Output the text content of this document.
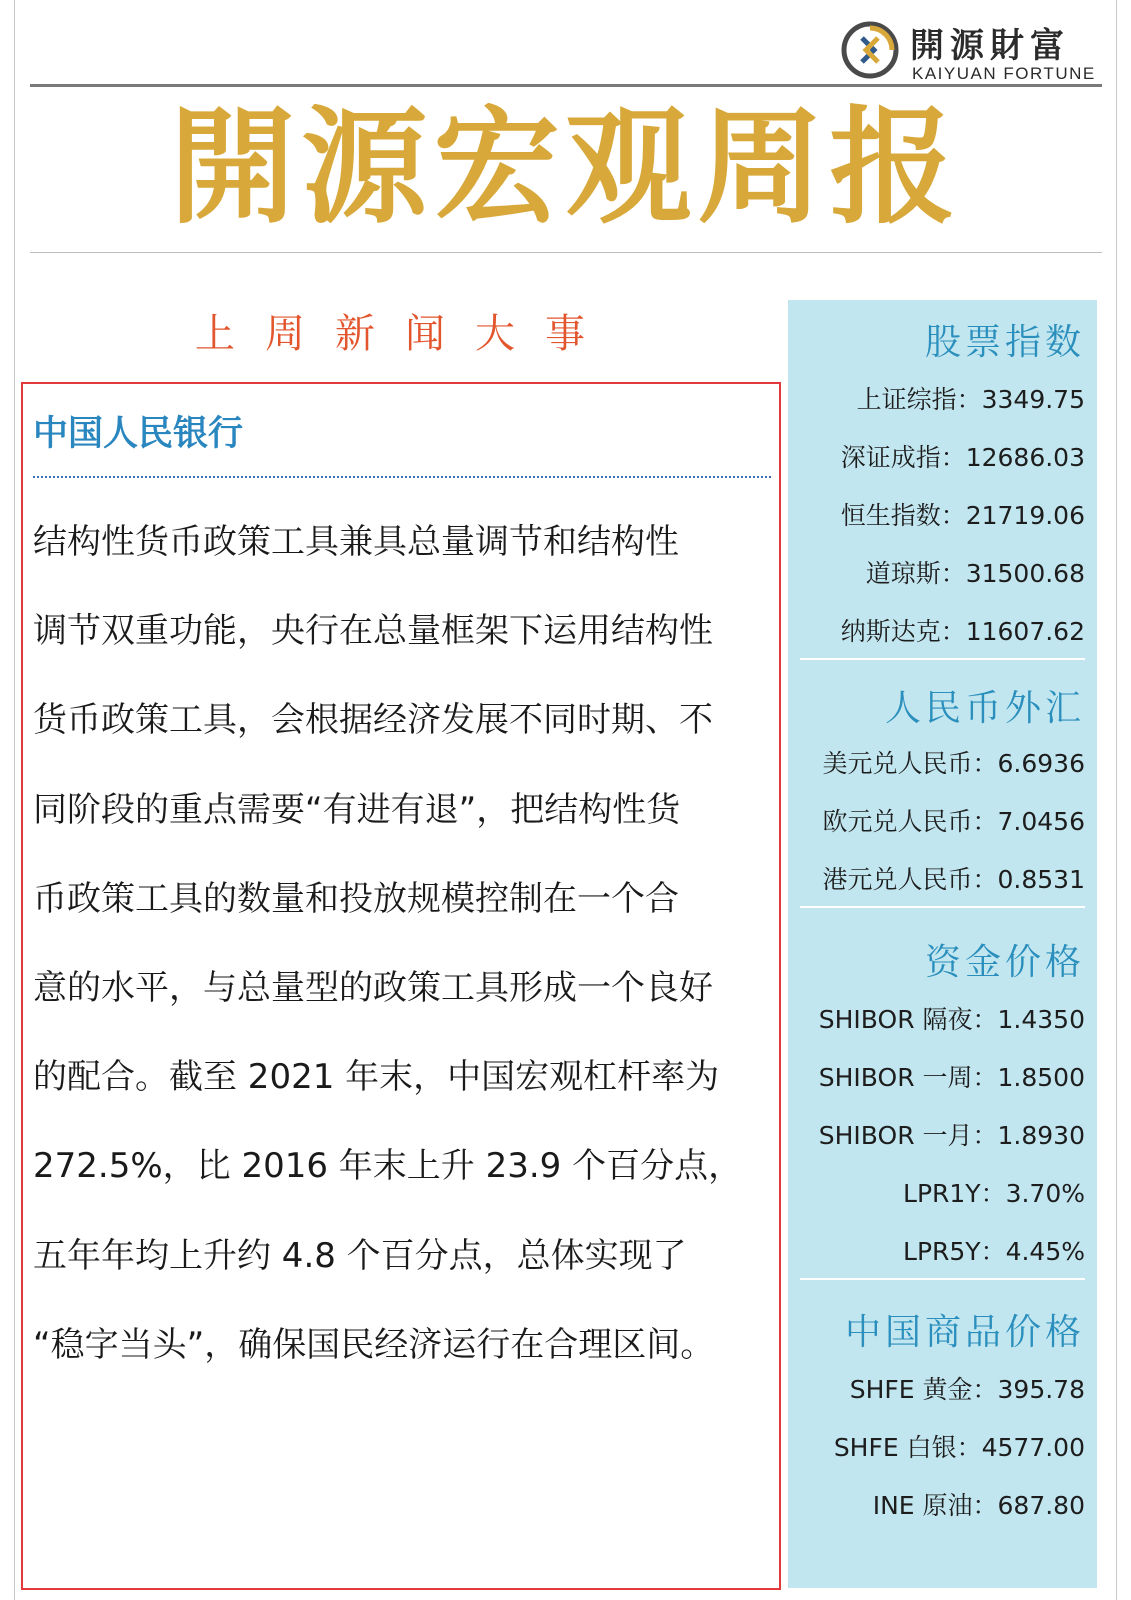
開源財富
KAIYUAN FORTUNE
開源宏观周报
上周新闻大事
中国人民银行

结构性货币政策工具兼具总量调节和结构性
调节双重功能，央行在总量框架下运用结构性
货币政策工具，会根据经济发展不同时期、不
同阶段的重点需要“有进有退”，把结构性货
币政策工具的数量和投放规模控制在一个合
意的水平，与总量型的政策工具形成一个良好
的配合。截至 2021 年末，中国宏观杠杆率为
272.5%，比 2016 年末上升 23.9 个百分点，
五年年均上升约 4.8 个百分点，总体实现了
“稳字当头”，确保国民经济运行在合理区间。

股票指数
上证综指：3349.75
深证成指：12686.03
恒生指数：21719.06
道琼斯：31500.68
纳斯达克：11607.62
人民币外汇
美元兑人民币：6.6936
欧元兑人民币：7.0456
港元兑人民币：0.8531
资金价格
SHIBOR 隔夜：1.4350
SHIBOR 一周：1.8500
SHIBOR 一月：1.8930
LPR1Y：3.70%
LPR5Y：4.45%
中国商品价格
SHFE 黄金：395.78
SHFE 白银：4577.00
INE 原油：687.80
